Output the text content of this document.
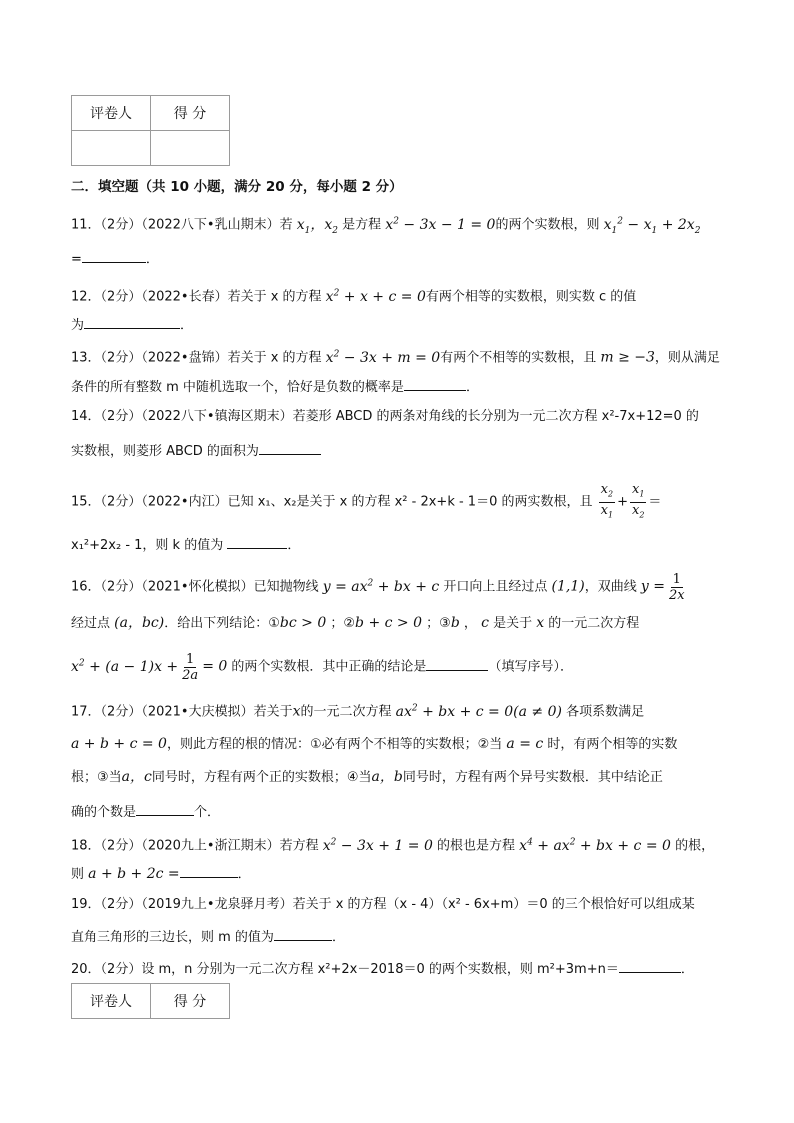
评卷人	得 分

二．填空题（共 10 小题，满分 20 分，每小题 2 分）
11．（2分）（2022八下•乳山期末）若 $x_1$，$x_2$ 是方程 $x^2 - 3x - 1 = 0$的两个实数根，则 $x_1^2 - x_1 + 2x_2$
=	．
12．（2分）（2022•长春）若关于 x 的方程 $x^2 + x + c = 0$有两个相等的实数根，则实数 c 的值
为	．
13．（2分）（2022•盘锦）若关于 x 的方程 $x^2 - 3x + m = 0$有两个不相等的实数根，且 m ≥ −3，则从满足
条件的所有整数 m 中随机选取一个，恰好是负数的概率是	．
14．（2分）（2022八下•镇海区期末）若菱形 ABCD 的两条对角线的长分别为一元二次方程 x²-7x+12=0 的
实数根，则菱形 ABCD 的面积为
15．（2分）（2022•内江）已知 x₁、x₂是关于 x 的方程 x² - 2x+k - 1＝0 的两实数根，且 $\frac{x_2}{x_1} + \frac{x_1}{x_2}$ ＝
x₁²+2x₂ - 1，则 k 的值为	．
16．（2分）（2021•怀化模拟）已知抛物线 $y = ax^2$ + bx + c 开口向上且经过点 (1,1)，双曲线 $y = \frac{1}{2x}$
经过点 (a，bc)．给出下列结论：①bc > 0 ；②b + c > 0 ；③b ， c 是关于 x 的一元二次方程
$x^2 + (a - 1)x + \frac{1}{2a} = 0$ 的两个实数根．其中正确的结论是	（填写序号）．
17．（2分）（2021•大庆模拟）若关于x的一元二次方程 $ax^2$ + bx + c = 0(a ≠ 0) 各项系数满足
a + b + c = 0，则此方程的根的情况：①必有两个不相等的实数根；②当 a = c 时，有两个相等的实数
根；③当a，c同号时，方程有两个正的实数根；④当a，b同号时，方程有两个异号实数根．其中结论正
确的个数是	个．
18．（2分）（2020九上•浙江期末）若方程 $x^2 - 3x + 1 = 0$ 的根也是方程 $x^4 + ax^2$ + bx + c = 0 的根，
则 a + b + 2c =	．
19．（2分）（2019九上•龙泉驿月考）若关于 x 的方程（x - 4）（x² - 6x+m）＝0 的三个根恰好可以组成某
直角三角形的三边长，则 m 的值为	．
20．（2分）设 m，n 分别为一元二次方程 x²+2x－2018＝0 的两个实数根，则 m²+3m+n＝	．
评卷人	得 分
